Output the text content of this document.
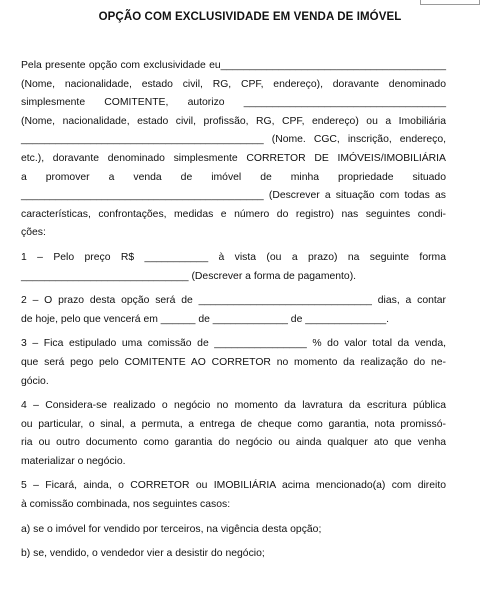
OPÇÃO COM EXCLUSIVIDADE EM VENDA DE IMÓVEL

Pela presente opção com exclusividade eu_______________________________________

(Nome, nacionalidade, estado civil, RG, CPF, endereço), doravante denominado

simplesmente COMITENTE, autorizo ___________________________________

(Nome, nacionalidade, estado civil, profissão, RG, CPF, endereço) ou a Imobiliária

__________________________________________ (Nome. CGC, inscrição, endereço,

etc.), doravante denominado simplesmente CORRETOR DE IMÓVEIS/IMOBILIÁRIA

a promover a venda de imóvel de minha propriedade situado

__________________________________________ (Descrever a situação com todas as

características, confrontações, medidas e número do registro) nas seguintes condi-

ções:

1 – Pelo preço R$ ___________ à vista (ou a prazo) na seguinte forma

_____________________________ (Descrever a forma de pagamento).

2 – O prazo desta opção será de ______________________________ dias, a contar

de hoje, pelo que vencerá em ______ de _____________ de ______________.

3 – Fica estipulado uma comissão de ________________ % do valor total da venda,

que será pego pelo COMITENTE AO CORRETOR no momento da realização do ne-

gócio.

4 – Considera-se realizado o negócio no momento da lavratura da escritura pública

ou particular, o sinal, a permuta, a entrega de cheque como garantia, nota promissó-

ria ou outro documento como garantia do negócio ou ainda qualquer ato que venha

materializar o negócio.

5 – Ficará, ainda, o CORRETOR ou IMOBILIÁRIA acima mencionado(a) com direito

à comissão combinada, nos seguintes casos:

a) se o imóvel for vendido por terceiros, na vigência desta opção;

b) se, vendido, o vendedor vier a desistir do negócio;
